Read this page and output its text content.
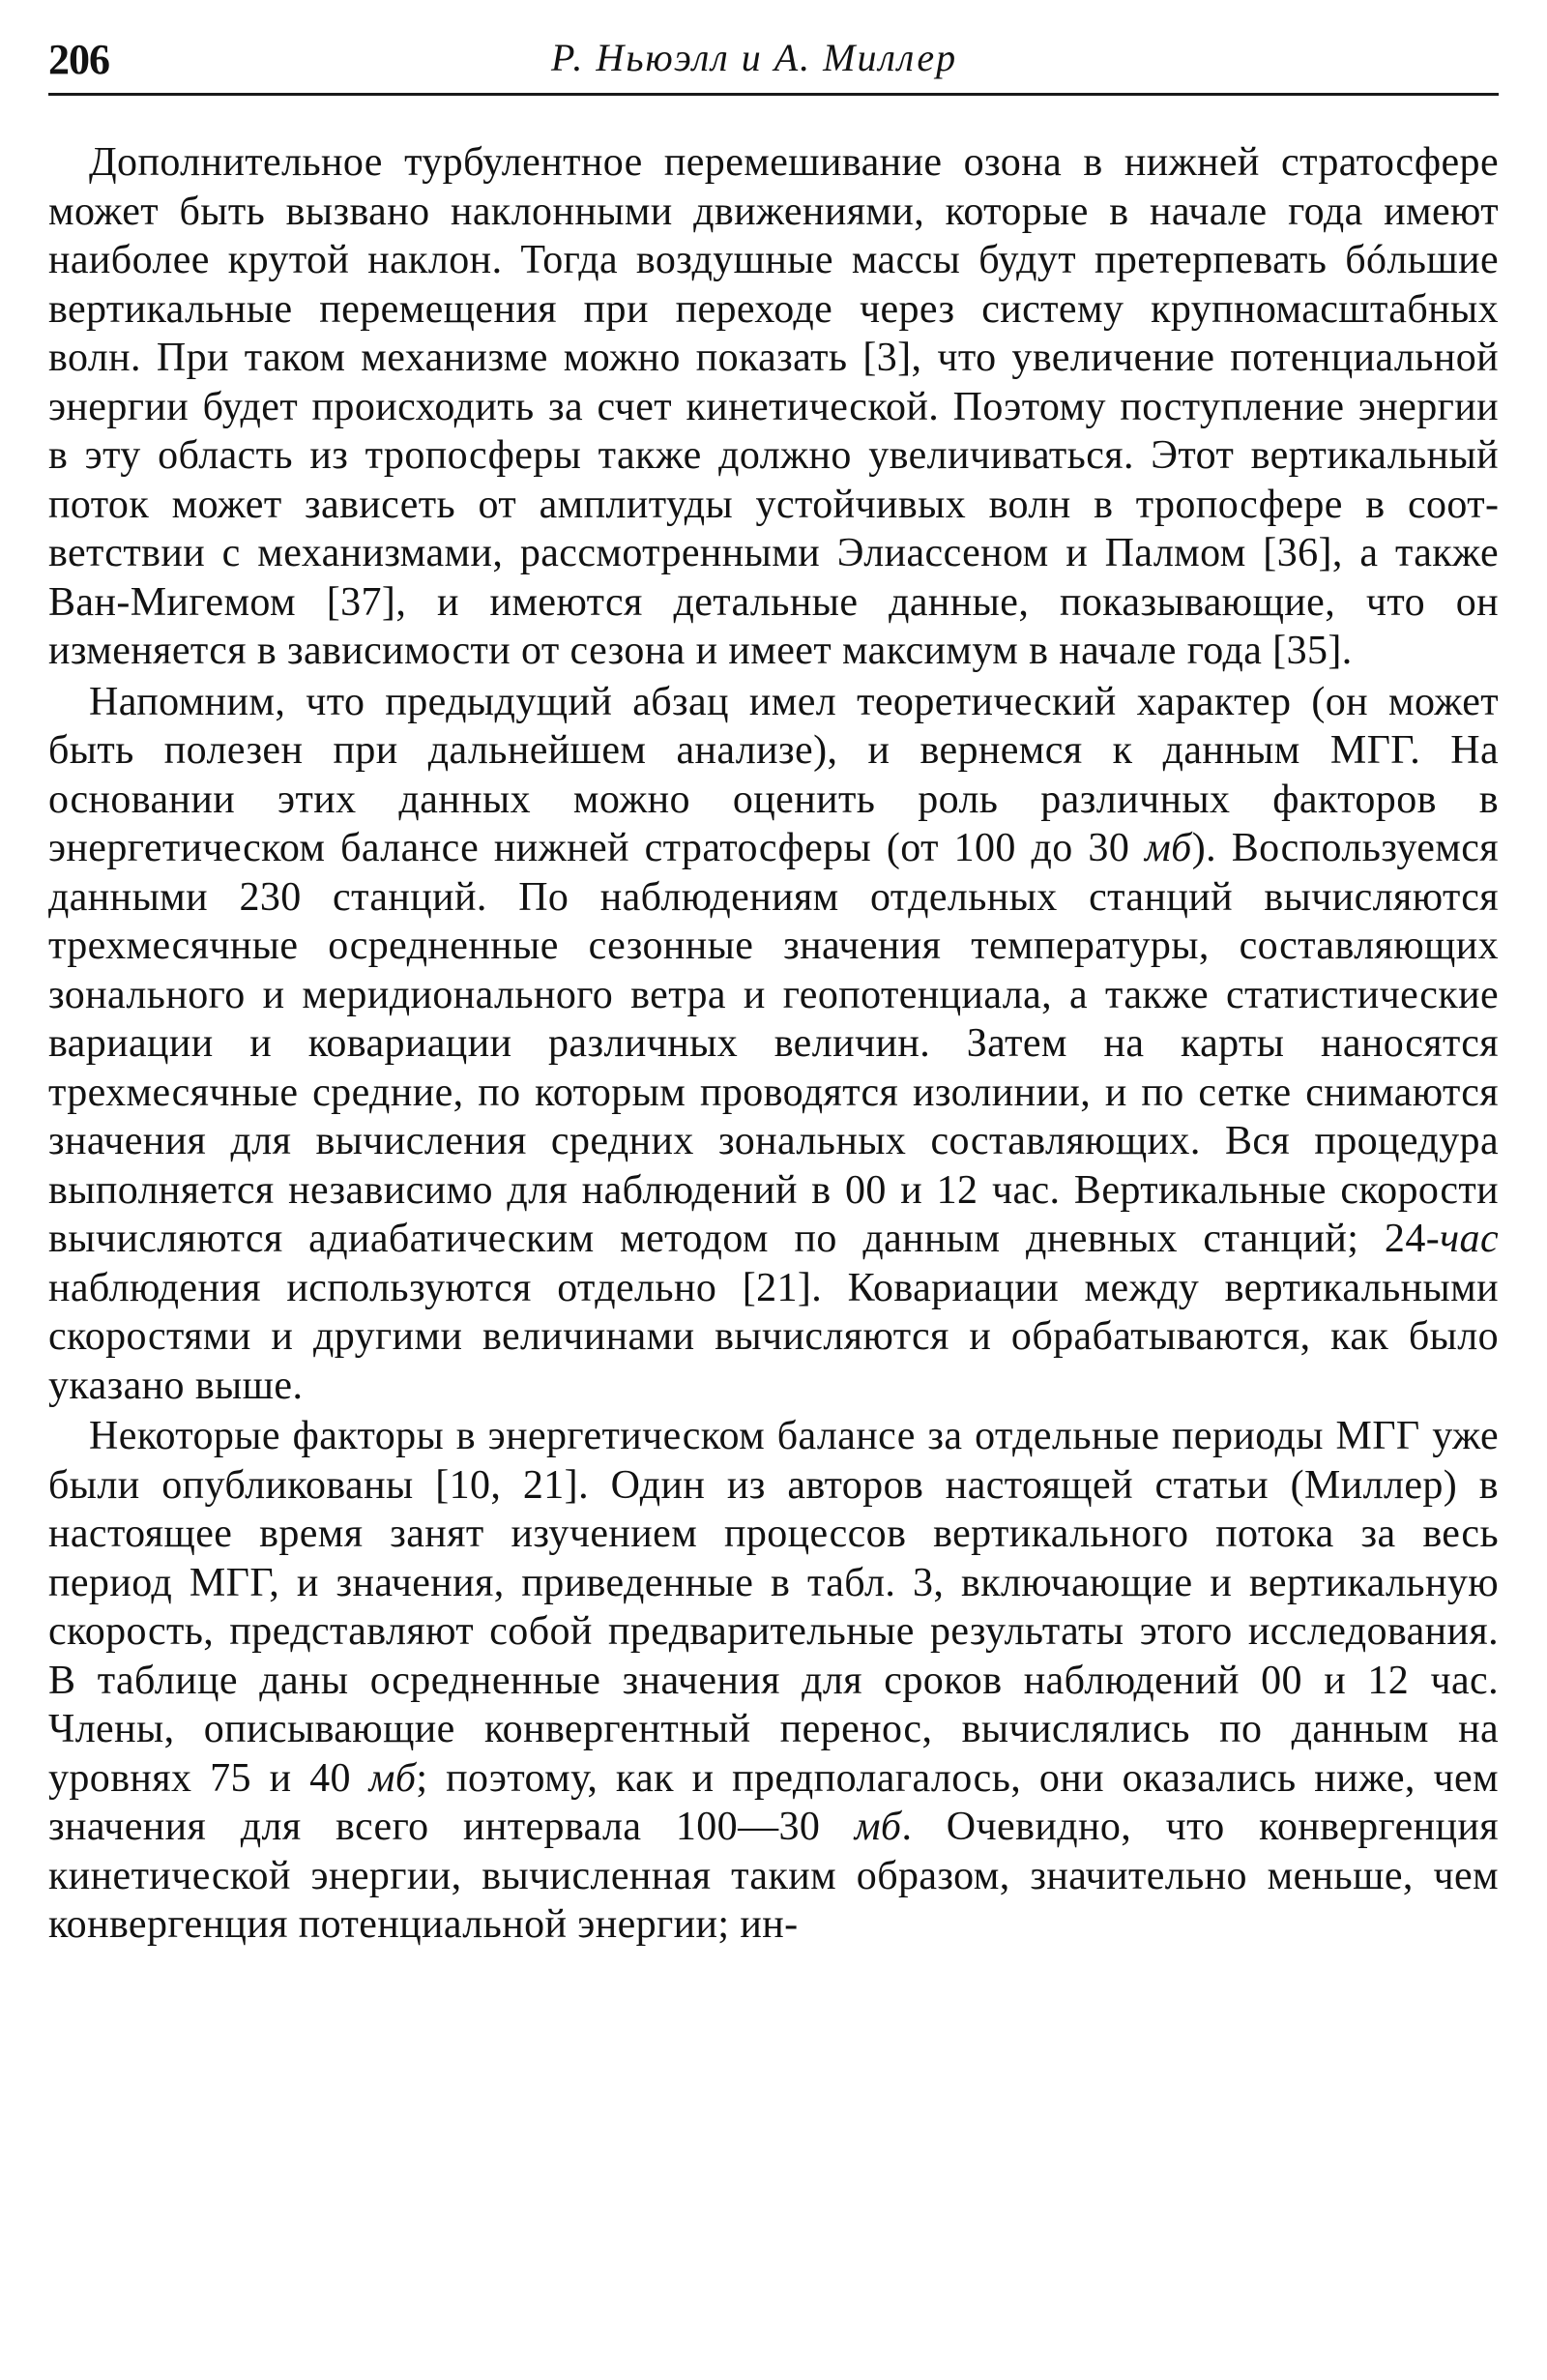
206	Р. Ньюэлл и А. Миллер

Дополнительное турбулентное перемешивание озона в нижней стратосфере может быть вызвано наклонными движениями, которые в начале года имеют наиболее крутой наклон. Тогда воздушные массы будут претерпевать бóльшие вертикальные перемещения при переходе через систему крупномасштабных волн. При таком механизме можно показать [3], что увеличение потенциальной энергии будет происходить за счет кинетической. Поэтому поступление энергии в эту область из тропосферы также должно увеличиваться. Этот вертикальный поток может зависеть от амплитуды устойчивых волн в тропосфере в соответствии с механизмами, рассмотренными Элиассеном и Палмом [36], а также Ван-Мигемом [37], и имеются детальные данные, показывающие, что он изменяется в зависимости от сезона и имеет максимум в начале года [35].

Напомним, что предыдущий абзац имел теоретический характер (он может быть полезен при дальнейшем анализе), и вернемся к данным МГГ. На основании этих данных можно оценить роль различных факторов в энергетическом балансе нижней стратосферы (от 100 до 30 мб). Воспользуемся данными 230 станций. По наблюдениям отдельных станций вычисляются трехмесячные осредненные сезонные значения температуры, составляющих зонального и меридионального ветра и геопотенциала, а также статистические вариации и ковариации различных величин. Затем на карты наносятся трехмесячные средние, по которым проводятся изолинии, и по сетке снимаются значения для вычисления средних зональных составляющих. Вся процедура выполняется независимо для наблюдений в 00 и 12 час. Вертикальные скорости вычисляются адиабатическим методом по данным дневных станций; 24-час наблюдения используются отдельно [21]. Ковариации между вертикальными скоростями и другими величинами вычисляются и обрабатываются, как было указано выше.

Некоторые факторы в энергетическом балансе за отдельные периоды МГГ уже были опубликованы [10, 21]. Один из авторов настоящей статьи (Миллер) в настоящее время занят изучением процессов вертикального потока за весь период МГГ, и значения, приведенные в табл. 3, включающие и вертикальную скорость, представляют собой предварительные результаты этого исследования. В таблице даны осредненные значения для сроков наблюдений 00 и 12 час. Члены, описывающие конвергентный перенос, вычислялись по данным на уровнях 75 и 40 мб; поэтому, как и предполагалось, они оказались ниже, чем значения для всего интервала 100—30 мб. Очевидно, что конвергенция кинетической энергии, вычисленная таким образом, значительно меньше, чем конвергенция потенциальной энергии; ин-
